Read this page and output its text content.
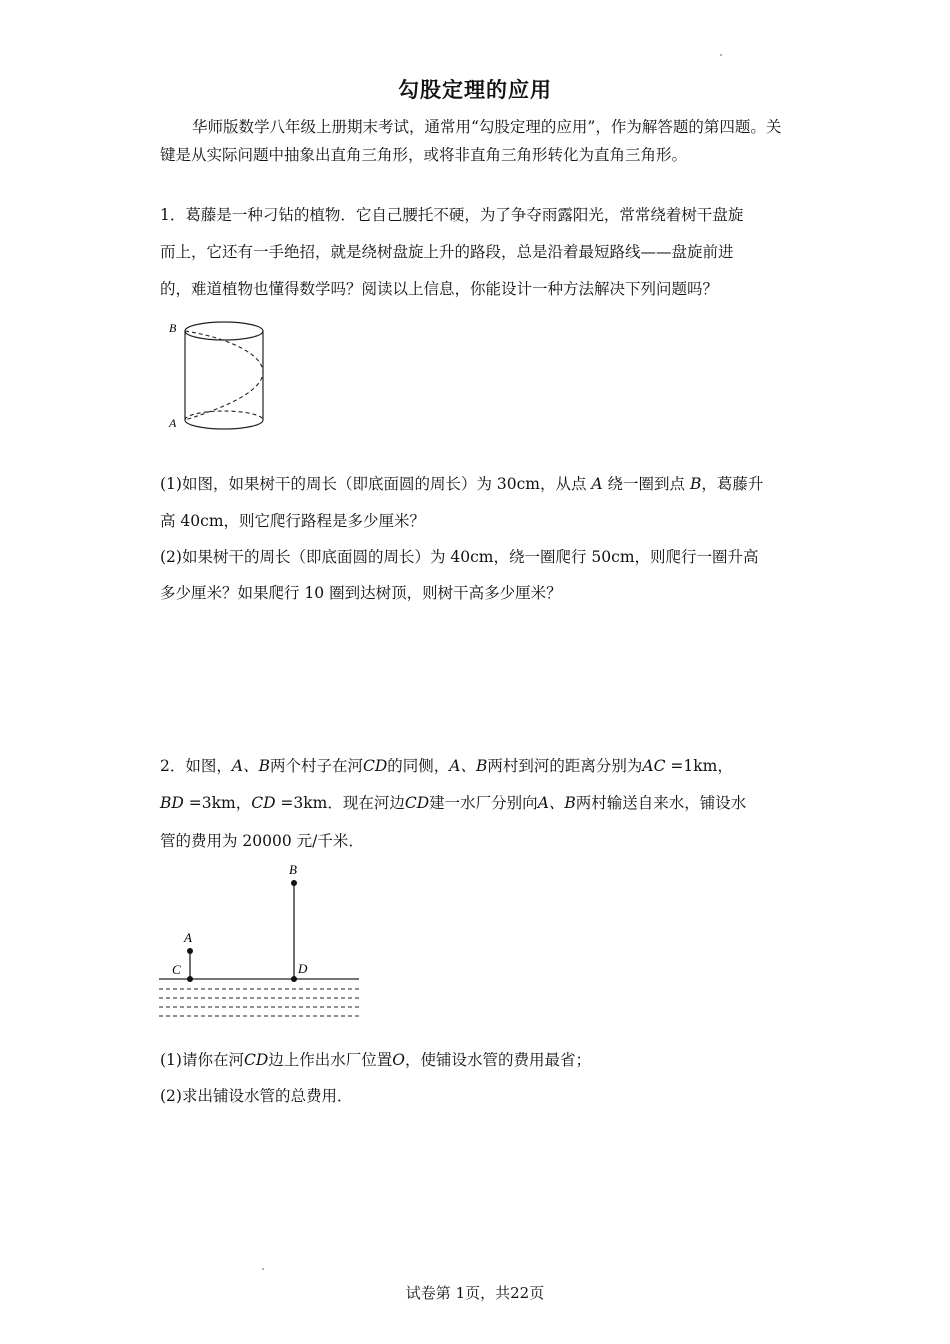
勾股定理的应用
华师版数学八年级上册期末考试，通常用“勾股定理的应用”，作为解答题的第四题。关键是从实际问题中抽象出直角三角形，或将非直角三角形转化为直角三角形。
1．葛藤是一种刁钻的植物．它自己腰托不硬，为了争夺雨露阳光，常常绕着树干盘旋
而上，它还有一手绝招，就是绕树盘旋上升的路段，总是沿着最短路线——盘旋前进
的，难道植物也懂得数学吗？阅读以上信息，你能设计一种方法解决下列问题吗？
B
A
(1)如图，如果树干的周长（即底面圆的周长）为 30cm，从点 A 绕一圈到点 B，葛藤升
高 40cm，则它爬行路程是多少厘米？
(2)如果树干的周长（即底面圆的周长）为 40cm，绕一圈爬行 50cm，则爬行一圈升高
多少厘米？如果爬行 10 圈到达树顶，则树干高多少厘米？
2．如图，A、B两个村子在河CD的同侧，A、B两村到河的距离分别为AC =1km，
BD =3km，CD =3km．现在河边CD建一水厂分别向A、B两村输送自来水，铺设水
管的费用为 20000 元/千米．
A
B
C	D
(1)请你在河CD边上作出水厂位置O，使铺设水管的费用最省；
(2)求出铺设水管的总费用．
试卷第 1页，共22页
